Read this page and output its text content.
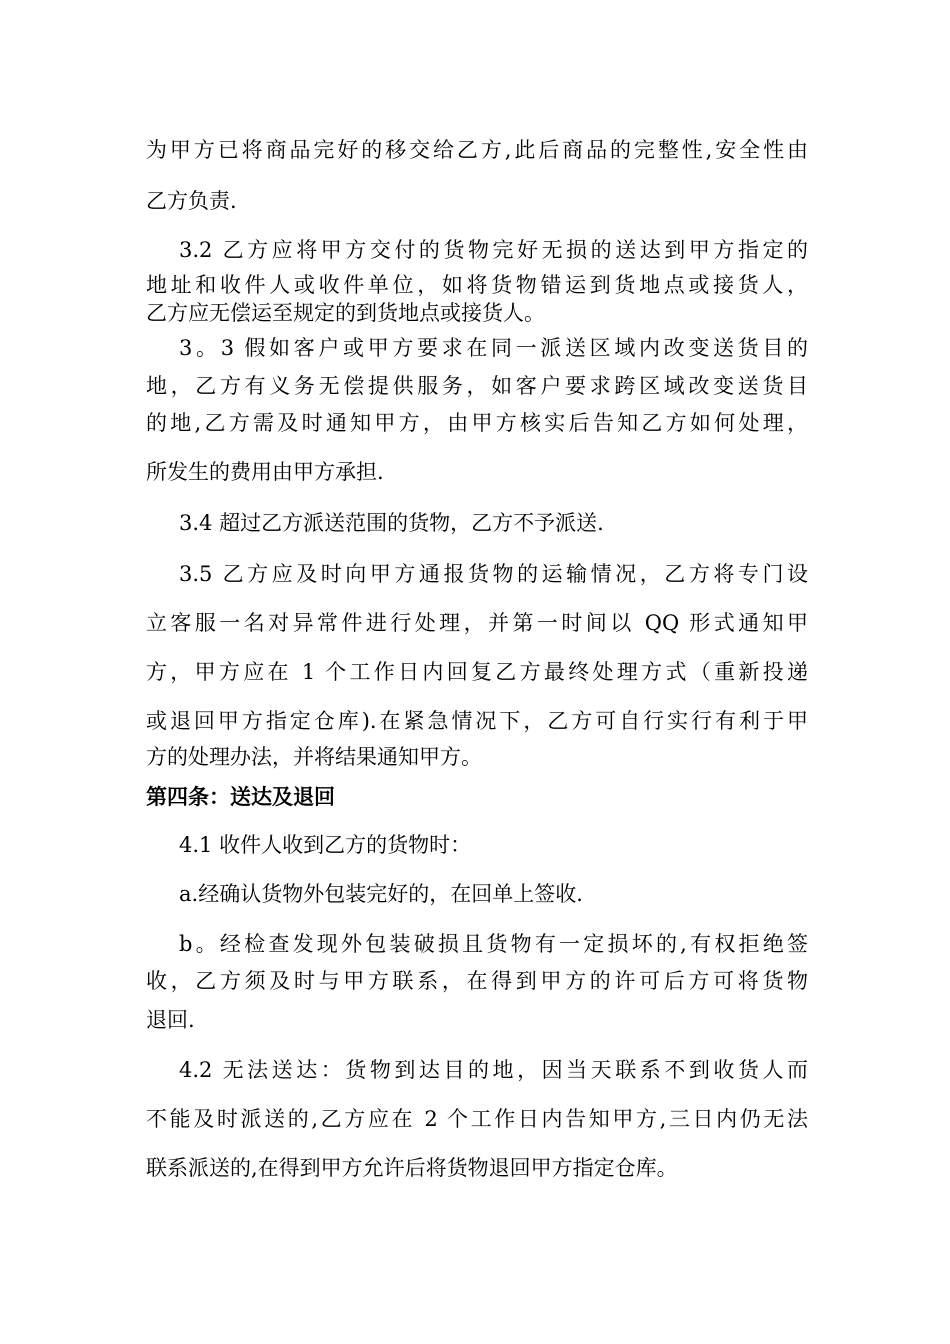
为甲方已将商品完好的移交给乙方,此后商品的完整性,安全性由
乙方负责.
3.2 乙方应将甲方交付的货物完好无损的送达到甲方指定的
地址和收件人或收件单位，如将货物错运到货地点或接货人，
乙方应无偿运至规定的到货地点或接货人。
3。3 假如客户或甲方要求在同一派送区域内改变送货目的
地，乙方有义务无偿提供服务，如客户要求跨区域改变送货目
的地,乙方需及时通知甲方，由甲方核实后告知乙方如何处理，
所发生的费用由甲方承担.
3.4 超过乙方派送范围的货物，乙方不予派送.
3.5 乙方应及时向甲方通报货物的运输情况，乙方将专门设
立客服一名对异常件进行处理，并第一时间以 QQ 形式通知甲
方，甲方应在 1 个工作日内回复乙方最终处理方式（重新投递
或退回甲方指定仓库).在紧急情况下，乙方可自行实行有利于甲
方的处理办法，并将结果通知甲方。
第四条：送达及退回
4.1 收件人收到乙方的货物时：
a.经确认货物外包装完好的，在回单上签收.
b。经检查发现外包装破损且货物有一定损坏的,有权拒绝签
收，乙方须及时与甲方联系，在得到甲方的许可后方可将货物
退回.
4.2 无法送达：货物到达目的地，因当天联系不到收货人而
不能及时派送的,乙方应在 2 个工作日内告知甲方,三日内仍无法
联系派送的,在得到甲方允许后将货物退回甲方指定仓库。
